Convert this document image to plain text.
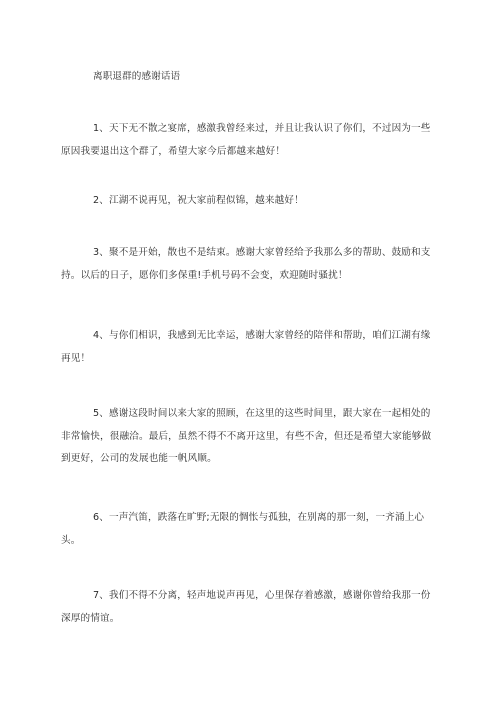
离职退群的感谢话语

1、天下无不散之宴席，感激我曾经来过，并且让我认识了你们，不过因为一些原因我要退出这个群了，希望大家今后都越来越好！

2、江湖不说再见，祝大家前程似锦，越来越好！

3、聚不是开始，散也不是结束。感谢大家曾经给予我那么多的帮助、鼓励和支持。以后的日子，愿你们多保重!手机号码不会变，欢迎随时骚扰！

4、与你们相识，我感到无比幸运，感谢大家曾经的陪伴和帮助，咱们江湖有缘再见！

5、感谢这段时间以来大家的照顾，在这里的这些时间里，跟大家在一起相处的非常愉快，很融洽。最后，虽然不得不不离开这里，有些不舍，但还是希望大家能够做到更好，公司的发展也能一帆风顺。

6、一声汽笛，跌落在旷野;无限的惆怅与孤独，在别离的那一刻，一齐涌上心头。

7、我们不得不分离，轻声地说声再见，心里保存着感激，感谢你曾给我那一份深厚的情谊。
